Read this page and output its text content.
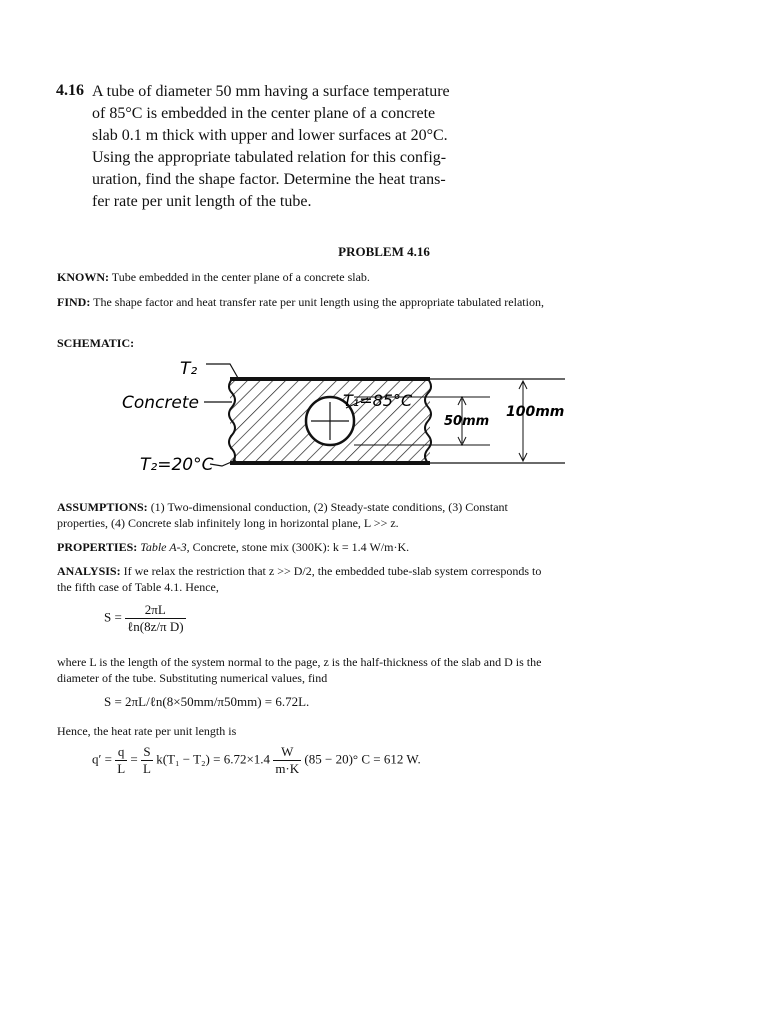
4.16 A tube of diameter 50 mm having a surface temperature
of 85°C is embedded in the center plane of a concrete
slab 0.1 m thick with upper and lower surfaces at 20°C.
Using the appropriate tabulated relation for this config-
uration, find the shape factor. Determine the heat trans-
fer rate per unit length of the tube.
PROBLEM 4.16
KNOWN: Tube embedded in the center plane of a concrete slab.
FIND: The shape factor and heat transfer rate per unit length using the appropriate tabulated relation,
SCHEMATIC:
T₂
Concrete	T₁=85°C
50mm
100mm
T₂=20°C
ASSUMPTIONS: (1) Two-dimensional conduction, (2) Steady-state conditions, (3) Constant
properties, (4) Concrete slab infinitely long in horizontal plane, L >> z.
PROPERTIES: Table A-3, Concrete, stone mix (300K): k = 1.4 W/m·K.
ANALYSIS: If we relax the restriction that z >> D/2, the embedded tube-slab system corresponds to
the fifth case of Table 4.1. Hence,
$S = \frac{2\pi L}{\text{ℓn(8z/π D)}}$
where L is the length of the system normal to the page, z is the half-thickness of the slab and D is the
diameter of the tube. Substituting numerical values, find
S = 2πL/ℓn(8×50mm/π50mm) = 6.72L.
Hence, the heat rate per unit length is
$q' = \frac{q}{L} = \frac{S}{L} k(T_1 - T_2) = 6.72\times 1.4 \frac{W}{m\cdot K} (85 - 20)^\circ$ C = 612 W.
